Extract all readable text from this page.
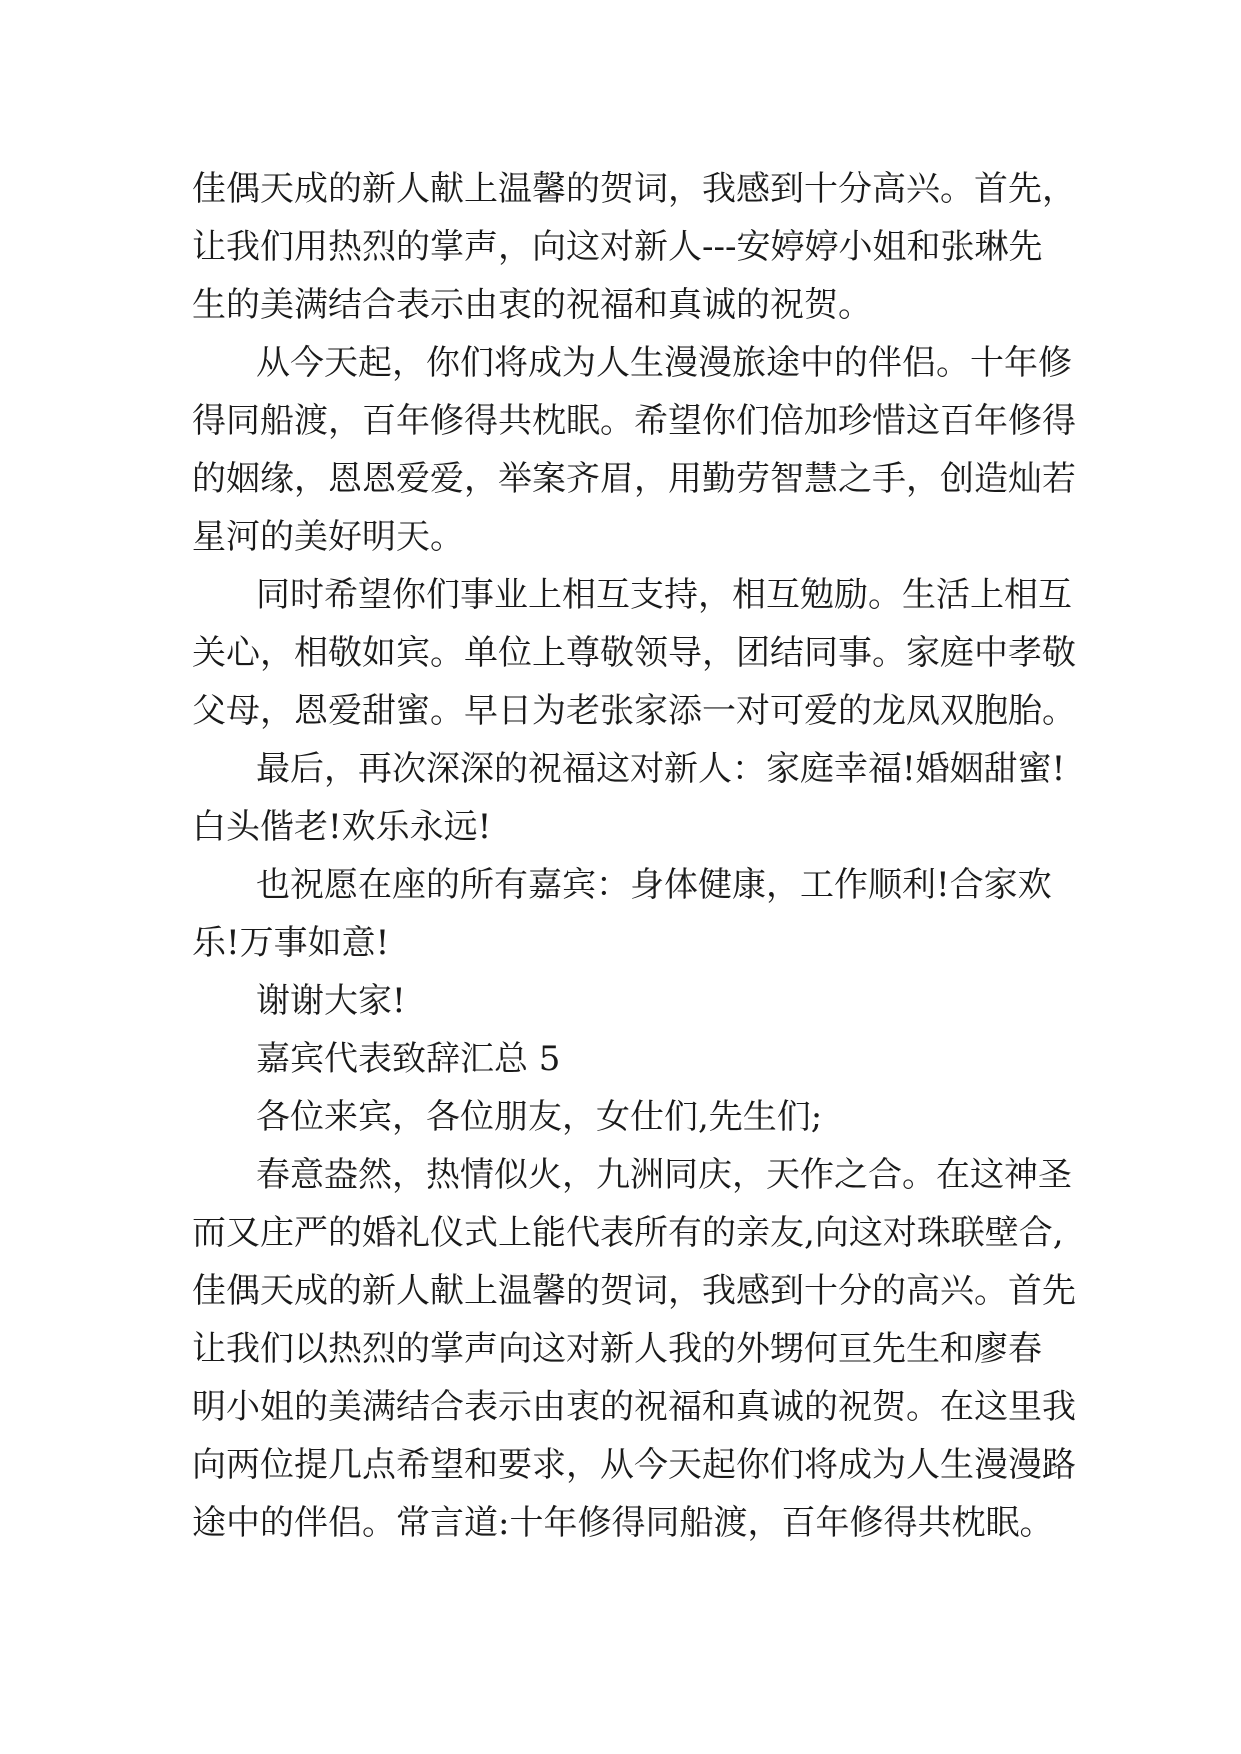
佳偶天成的新人献上温馨的贺词，我感到十分高兴。首先，
让我们用热烈的掌声，向这对新人---安婷婷小姐和张琳先
生的美满结合表示由衷的祝福和真诚的祝贺。
从今天起，你们将成为人生漫漫旅途中的伴侣。十年修
得同船渡，百年修得共枕眠。希望你们倍加珍惜这百年修得
的姻缘，恩恩爱爱，举案齐眉，用勤劳智慧之手，创造灿若
星河的美好明天。
同时希望你们事业上相互支持，相互勉励。生活上相互
关心，相敬如宾。单位上尊敬领导，团结同事。家庭中孝敬
父母，恩爱甜蜜。早日为老张家添一对可爱的龙凤双胞胎。
最后，再次深深的祝福这对新人：家庭幸福!婚姻甜蜜!
白头偕老!欢乐永远!
也祝愿在座的所有嘉宾：身体健康，工作顺利!合家欢
乐!万事如意!
谢谢大家!
嘉宾代表致辞汇总 5
各位来宾，各位朋友，女仕们,先生们;
春意盎然，热情似火，九洲同庆，天作之合。在这神圣
而又庄严的婚礼仪式上能代表所有的亲友,向这对珠联壁合,
佳偶天成的新人献上温馨的贺词，我感到十分的高兴。首先
让我们以热烈的掌声向这对新人我的外甥何亘先生和廖春
明小姐的美满结合表示由衷的祝福和真诚的祝贺。在这里我
向两位提几点希望和要求，从今天起你们将成为人生漫漫路
途中的伴侣。常言道:十年修得同船渡，百年修得共枕眠。
